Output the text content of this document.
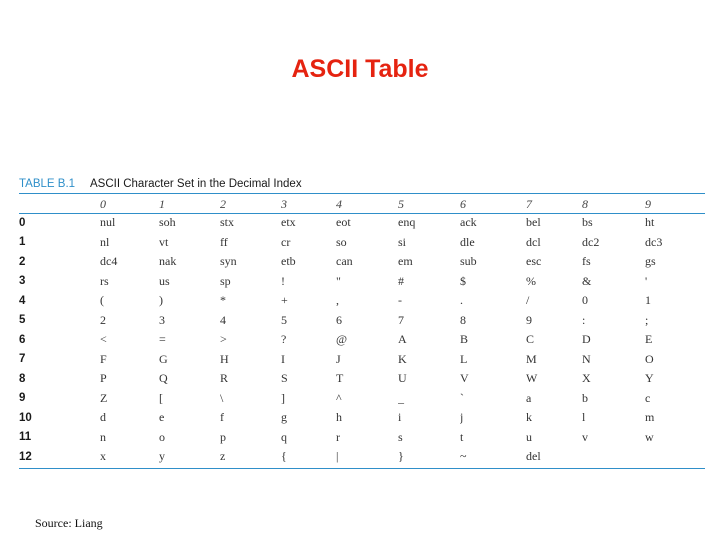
ASCII Table
TABLE B.1 ASCII Character Set in the Decimal Index
	0	1	2	3	4	5	6	7	8	9
0	nul	soh	stx	etx	eot	enq	ack	bel	bs	ht
1	nl	vt	ff	cr	so	si	dle	dcl	dc2	dc3
2	dc4	nak	syn	etb	can	em	sub	esc	fs	gs
3	rs	us	sp	!	"	#	$	%	&	'
4	(	)	*	+	,	-	.	/	0	1
5	2	3	4	5	6	7	8	9	:	;
6	<	=	>	?	@	A	B	C	D	E
7	F	G	H	I	J	K	L	M	N	O
8	P	Q	R	S	T	U	V	W	X	Y
9	Z	[	\	]	^	_	`	a	b	c
10	d	e	f	g	h	i	j	k	l	m
11	n	o	p	q	r	s	t	u	v	w
12	x	y	z	{	|	}	~	del		
Source: Liang
